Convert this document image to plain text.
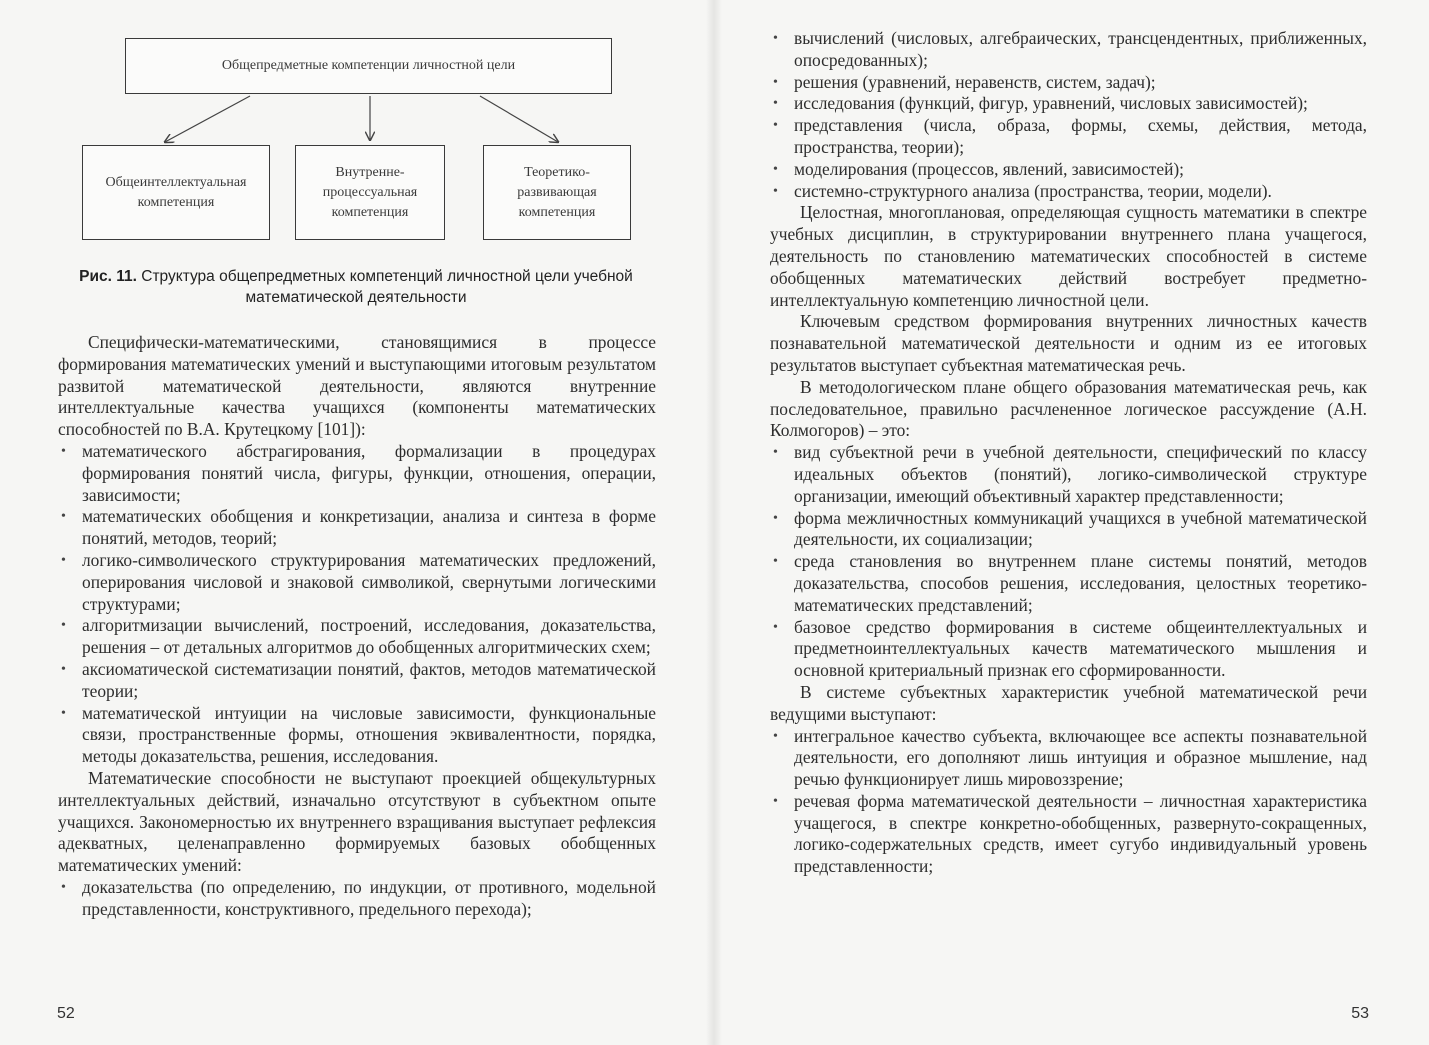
Общепредметные компетенции личностной цели
Общеинтеллектуальная
компетенция
Внутренне-
процессуальная
компетенция
Теоретико-
развивающая
компетенция
Рис. 11. Структура общепредметных компетенций личностной цели учебной математической деятельности

Специфически-математическими, становящимися в процессе формирования математических умений и выступающими итоговым результатом развитой математической деятельности, являются внутренние интеллектуальные качества учащихся (компоненты математических способностей по В.А. Крутецкому [101]):

• математического абстрагирования, формализации в процедурах формирования понятий числа, фигуры, функции, отношения, операции, зависимости;
• математических обобщения и конкретизации, анализа и синтеза в форме понятий, методов, теорий;
• логико-символического структурирования математических предложений, оперирования числовой и знаковой символикой, свернутыми логическими структурами;
• алгоритмизации вычислений, построений, исследования, доказательства, решения – от детальных алгоритмов до обобщенных алгоритмических схем;
• аксиоматической систематизации понятий, фактов, методов математической теории;
• математической интуиции на числовые зависимости, функциональные связи, пространственные формы, отношения эквивалентности, порядка, методы доказательства, решения, исследования.

Математические способности не выступают проекцией общекультурных интеллектуальных действий, изначально отсутствуют в субъектном опыте учащихся. Закономерностью их внутреннего взращивания выступает рефлексия адекватных, целенаправленно формируемых базовых обобщенных математических умений:

• доказательства (по определению, по индукции, от противного, модельной представленности, конструктивного, предельного перехода);
52
• вычислений (числовых, алгебраических, трансцендентных, приближенных, опосредованных);
• решения (уравнений, неравенств, систем, задач);
• исследования (функций, фигур, уравнений, числовых зависимостей);
• представления (числа, образа, формы, схемы, действия, метода, пространства, теории);
• моделирования (процессов, явлений, зависимостей);
• системно-структурного анализа (пространства, теории, модели).

Целостная, многоплановая, определяющая сущность математики в спектре учебных дисциплин, в структурировании внутреннего плана учащегося, деятельность по становлению математических способностей в системе обобщенных математических действий востребует предметно-интеллектуальную компетенцию личностной цели.

Ключевым средством формирования внутренних личностных качеств познавательной математической деятельности и одним из ее итоговых результатов выступает субъектная математическая речь.

В методологическом плане общего образования математическая речь, как последовательное, правильно расчлененное логическое рассуждение (А.Н. Колмогоров) – это:

• вид субъектной речи в учебной деятельности, специфический по классу идеальных объектов (понятий), логико-символической структуре организации, имеющий объективный характер представленности;
• форма межличностных коммуникаций учащихся в учебной математической деятельности, их социализации;
• среда становления во внутреннем плане системы понятий, методов доказательства, способов решения, исследования, целостных теоретико-математических представлений;
• базовое средство формирования в системе общеинтеллектуальных и предметноинтеллектуальных качеств математического мышления и основной критериальный признак его сформированности.

В системе субъектных характеристик учебной математической речи ведущими выступают:

• интегральное качество субъекта, включающее все аспекты познавательной деятельности, его дополняют лишь интуиция и образное мышление, над речью функционирует лишь мировоззрение;
• речевая форма математической деятельности – личностная характеристика учащегося, в спектре конкретно-обобщенных, развернуто-сокращенных, логико-содержательных средств, имеет сугубо индивидуальный уровень представленности;
53
